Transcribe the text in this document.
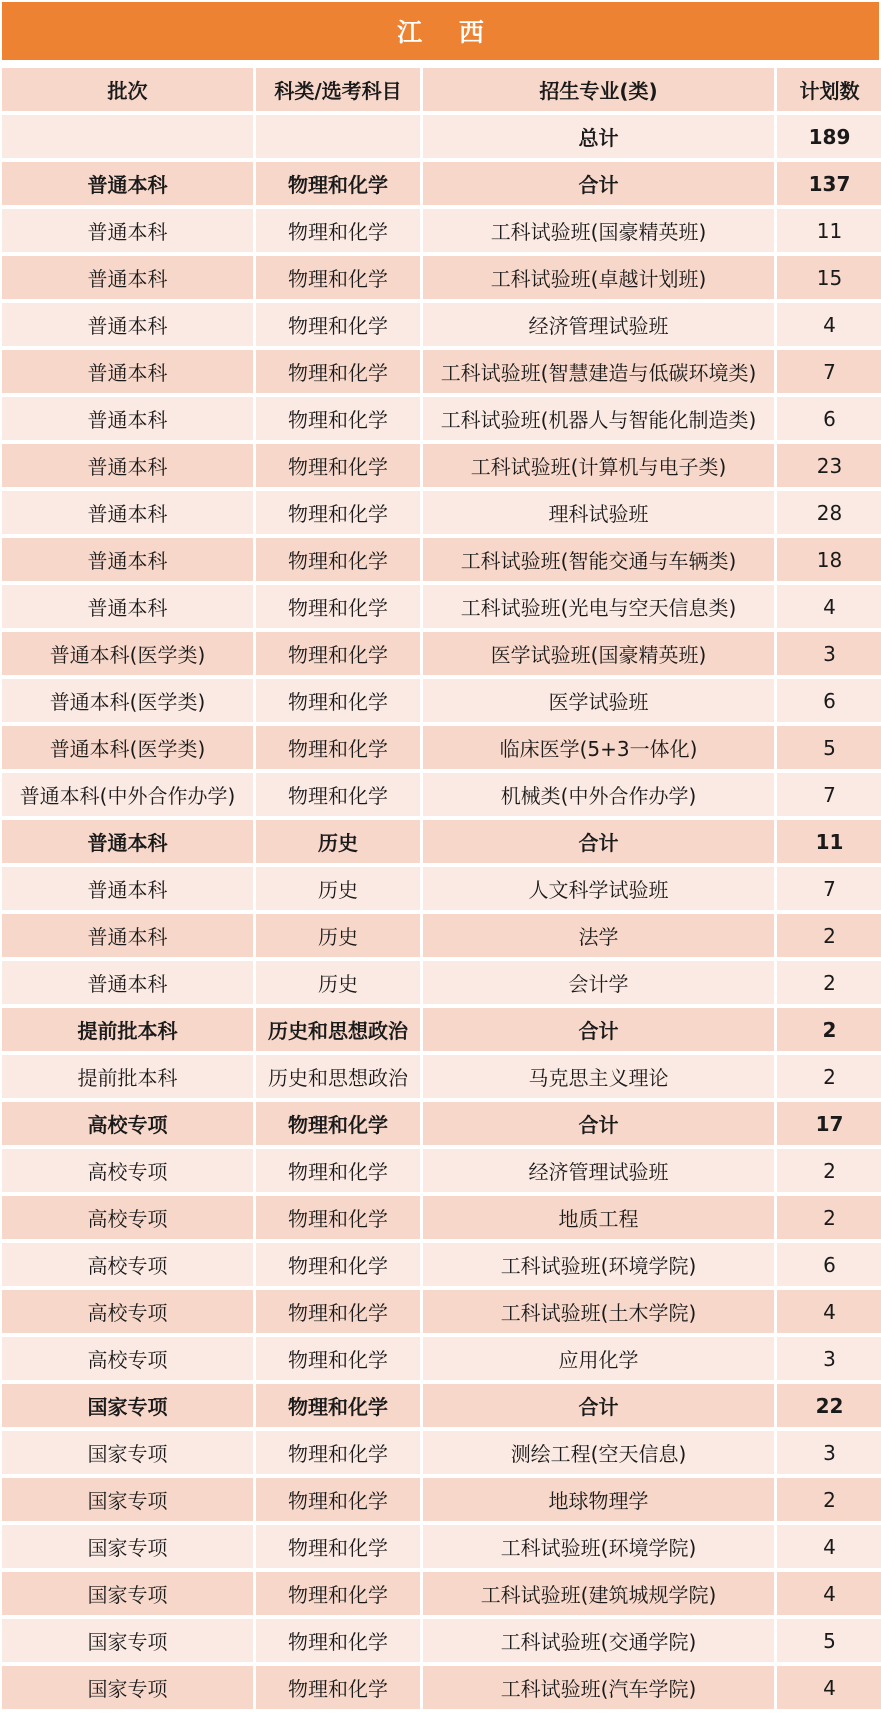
江 西
批次	科类/选考科目	招生专业(类)	计划数
		总计	189
普通本科	物理和化学	合计	137
普通本科	物理和化学	工科试验班(国豪精英班)	11
普通本科	物理和化学	工科试验班(卓越计划班)	15
普通本科	物理和化学	经济管理试验班	4
普通本科	物理和化学	工科试验班(智慧建造与低碳环境类)	7
普通本科	物理和化学	工科试验班(机器人与智能化制造类)	6
普通本科	物理和化学	工科试验班(计算机与电子类)	23
普通本科	物理和化学	理科试验班	28
普通本科	物理和化学	工科试验班(智能交通与车辆类)	18
普通本科	物理和化学	工科试验班(光电与空天信息类)	4
普通本科(医学类)	物理和化学	医学试验班(国豪精英班)	3
普通本科(医学类)	物理和化学	医学试验班	6
普通本科(医学类)	物理和化学	临床医学(5+3一体化)	5
普通本科(中外合作办学)	物理和化学	机械类(中外合作办学)	7
普通本科	历史	合计	11
普通本科	历史	人文科学试验班	7
普通本科	历史	法学	2
普通本科	历史	会计学	2
提前批本科	历史和思想政治	合计	2
提前批本科	历史和思想政治	马克思主义理论	2
高校专项	物理和化学	合计	17
高校专项	物理和化学	经济管理试验班	2
高校专项	物理和化学	地质工程	2
高校专项	物理和化学	工科试验班(环境学院)	6
高校专项	物理和化学	工科试验班(土木学院)	4
高校专项	物理和化学	应用化学	3
国家专项	物理和化学	合计	22
国家专项	物理和化学	测绘工程(空天信息)	3
国家专项	物理和化学	地球物理学	2
国家专项	物理和化学	工科试验班(环境学院)	4
国家专项	物理和化学	工科试验班(建筑城规学院)	4
国家专项	物理和化学	工科试验班(交通学院)	5
国家专项	物理和化学	工科试验班(汽车学院)	4
